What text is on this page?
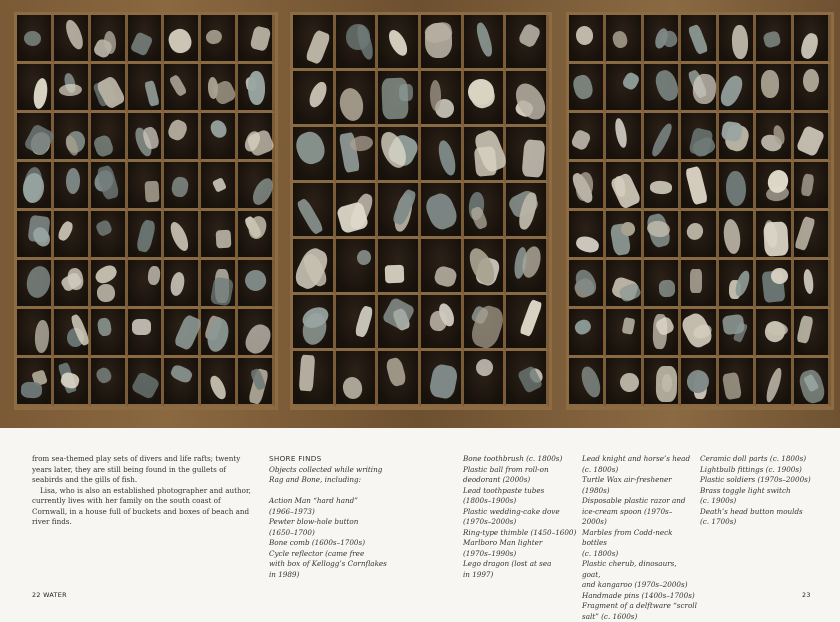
from sea-themed play sets of divers and life rafts; twenty years later, they are still being found in the gullets of seabirds and the gills of fish.

Lisa, who is also an established photographer and author, currently lives with her family on the south coast of Cornwall, in a house full of buckets and boxes of beach and river finds.

SHORE FINDS
Objects collected while writing
Rag and Bone, including:
Action Man “hard hand”
(1966–1973)
Pewter blow-hole button
(1650–1700)
Bone comb (1600s–1700s)
Cycle reflector (came free
with box of Kellogg’s Cornflakes
in 1989)
Bone toothbrush (c. 1800s)
Plastic ball from roll-on
deodorant (2000s)
Lead toothpaste tubes
(1800s–1900s)
Plastic wedding-cake dove
(1970s–2000s)
Ring-type thimble (1450–1600)
Marlboro Man lighter
(1970s–1990s)
Lego dragon (lost at sea
in 1997)
Lead knight and horse’s head
(c. 1800s)
Turtle Wax air-freshener (1980s)
Disposable plastic razor and
ice-cream spoon (1970s–2000s)
Marbles from Codd-neck bottles
(c. 1800s)
Plastic cherub, dinosaurs, goat,
and kangaroo (1970s–2000s)
Handmade pins (1400s–1700s)
Fragment of a delftware “scroll
salt” (c. 1600s)
Ceramic doll parts (c. 1800s)
Lightbulb fittings (c. 1900s)
Plastic soldiers (1970s–2000s)
Brass toggle light switch
(c. 1900s)
Death’s head button moulds
(c. 1700s)
22 WATER	23
